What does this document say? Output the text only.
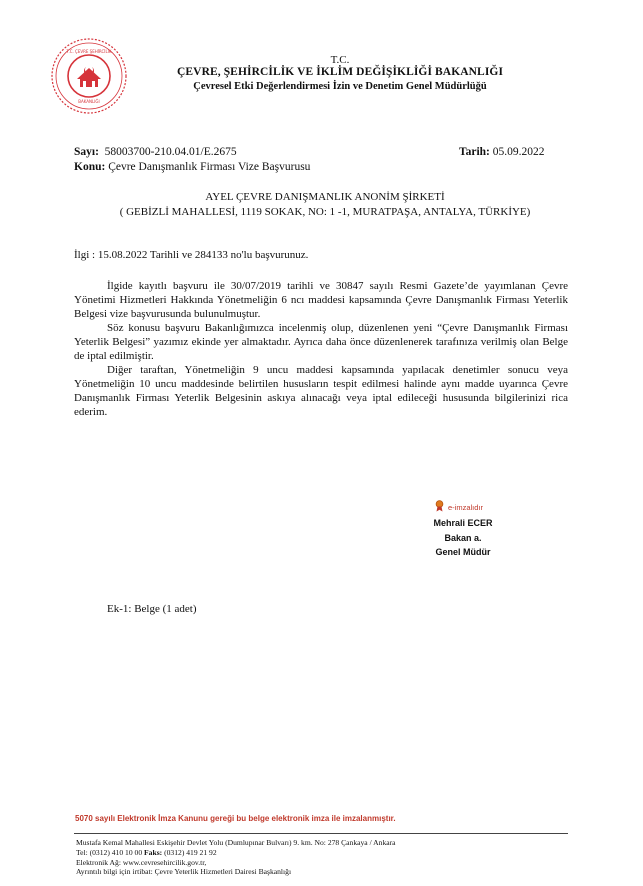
T.C. ÇEVRE ŞEHİRCİLİK
BAKANLIĞI
T.C.
ÇEVRE, ŞEHİRCİLİK VE İKLİM DEĞİŞİKLİĞİ BAKANLIĞI
Çevresel Etki Değerlendirmesi İzin ve Denetim Genel Müdürlüğü
Sayı: 58003700-210.04.01/E.2675	Tarih: 05.09.2022
Konu: Çevre Danışmanlık Firması Vize Başvurusu
AYEL ÇEVRE DANIŞMANLIK ANONİM ŞİRKETİ
( GEBİZLİ MAHALLESİ, 1119 SOKAK, NO: 1 -1, MURATPAŞA, ANTALYA, TÜRKİYE)
İlgi : 15.08.2022 Tarihli ve 284133 no'lu başvurunuz.

İlgide kayıtlı başvuru ile 30/07/2019 tarihli ve 30847 sayılı Resmi Gazete’de yayımlanan Çevre Yönetimi Hizmetleri Hakkında Yönetmeliğin 6 ncı maddesi kapsamında Çevre Danışmanlık Firması Yeterlik Belgesi vize başvurusunda bulunulmuştur.

Söz konusu başvuru Bakanlığımızca incelenmiş olup, düzenlenen yeni “Çevre Danışmanlık Firması Yeterlik Belgesi” yazımız ekinde yer almaktadır. Ayrıca daha önce düzenlenerek tarafınıza verilmiş olan Belge de iptal edilmiştir.

Diğer taraftan, Yönetmeliğin 9 uncu maddesi kapsamında yapılacak denetimler sonucu veya Yönetmeliğin 10 uncu maddesinde belirtilen hususların tespit edilmesi halinde aynı madde uyarınca Çevre Danışmanlık Firması Yeterlik Belgesinin askıya alınacağı veya iptal edileceği hususunda bilgilerinizi rica ederim.

e-imzalıdır
Mehrali ECER
Bakan a.
Genel Müdür
Ek-1: Belge (1 adet)
5070 sayılı Elektronik İmza Kanunu gereği bu belge elektronik imza ile imzalanmıştır.
Mustafa Kemal Mahallesi Eskişehir Devlet Yolu (Dumlupınar Bulvarı) 9. km. No: 278 Çankaya / Ankara
Tel: (0312) 410 10 00 Faks: (0312) 419 21 92
Elektronik Ağ: www.cevresehircilik.gov.tr,
Ayrıntılı bilgi için irtibat: Çevre Yeterlik Hizmetleri Dairesi Başkanlığı
